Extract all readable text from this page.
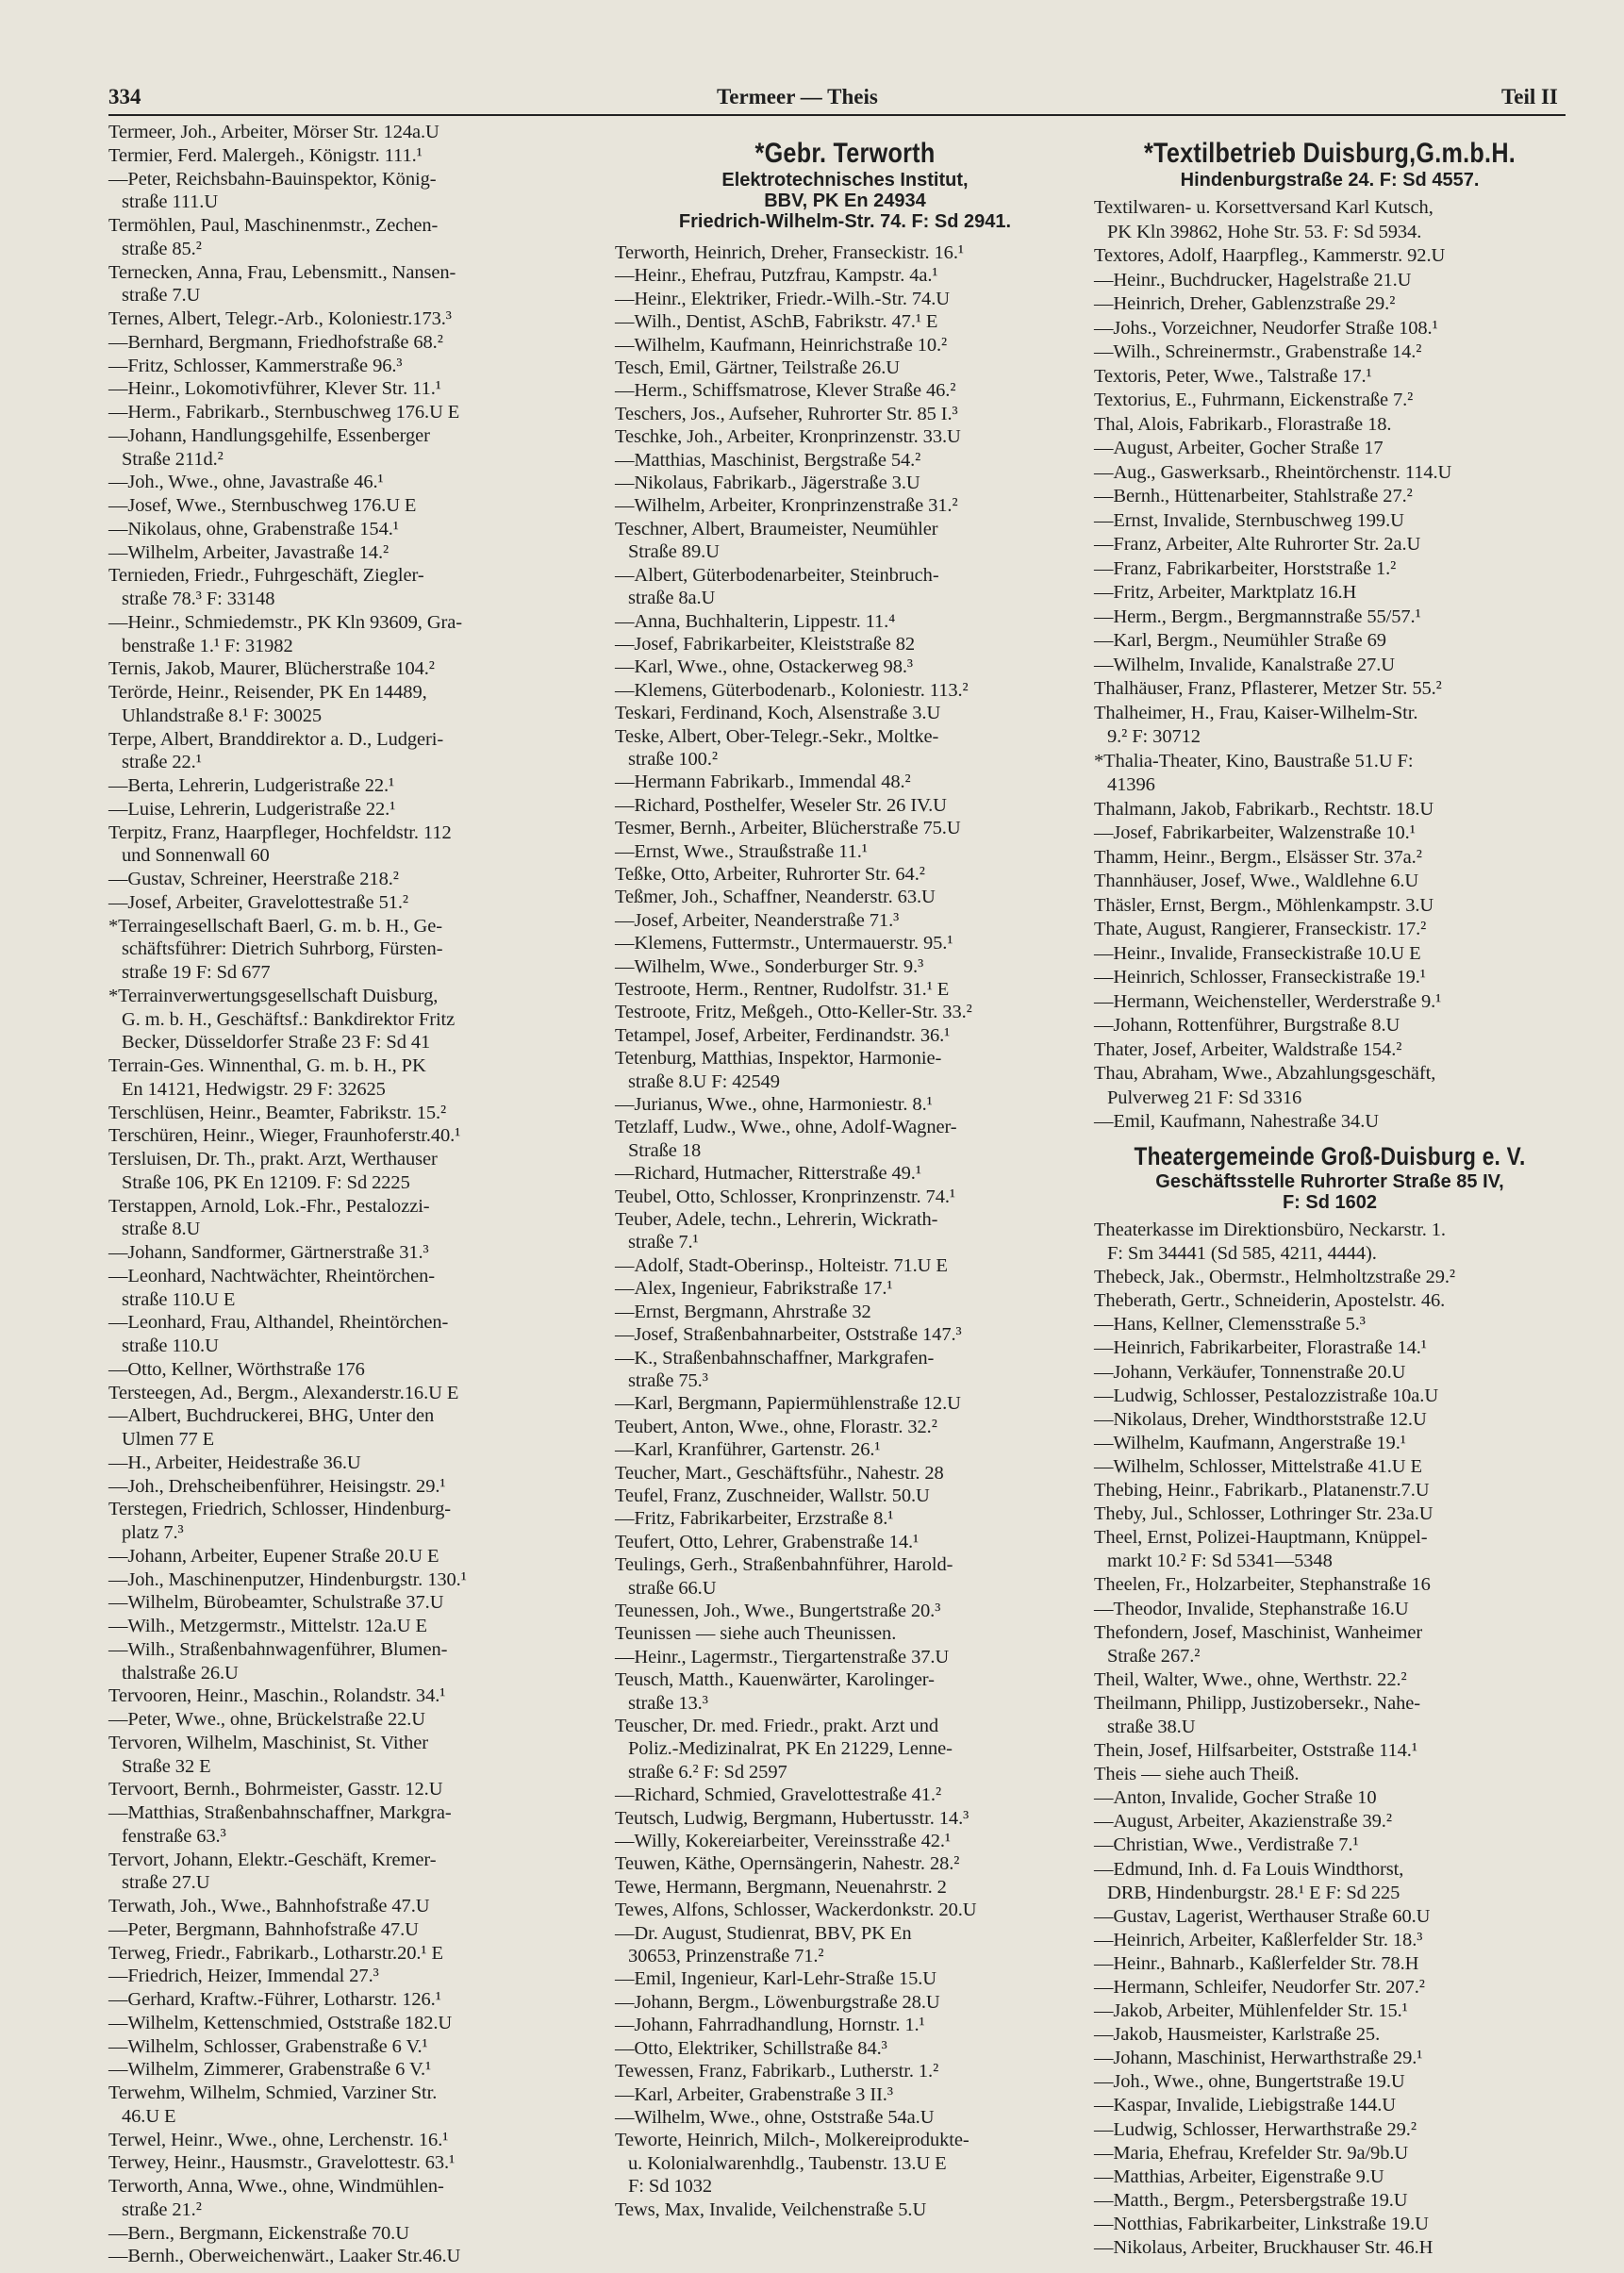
334	Termeer — Theis	Teil II
Termeer, Joh., Arbeiter, Mörser Str. 124a.U
Termier, Ferd. Malergeh., Königstr. 111.¹
—Peter, Reichsbahn-Bauinspektor, König-
straße 111.U
Termöhlen, Paul, Maschinenmstr., Zechen-
straße 85.²
Ternecken, Anna, Frau, Lebensmitt., Nansen-
straße 7.U
Ternes, Albert, Telegr.-Arb., Koloniestr.173.³
—Bernhard, Bergmann, Friedhofstraße 68.²
—Fritz, Schlosser, Kammerstraße 96.³
—Heinr., Lokomotivführer, Klever Str. 11.¹
—Herm., Fabrikarb., Sternbuschweg 176.U E
—Johann, Handlungsgehilfe, Essenberger
Straße 211d.²
—Joh., Wwe., ohne, Javastraße 46.¹
—Josef, Wwe., Sternbuschweg 176.U E
—Nikolaus, ohne, Grabenstraße 154.¹
—Wilhelm, Arbeiter, Javastraße 14.²
Ternieden, Friedr., Fuhrgeschäft, Ziegler-
straße 78.³ F: 33148
—Heinr., Schmiedemstr., PK Kln 93609, Gra-
benstraße 1.¹ F: 31982
Ternis, Jakob, Maurer, Blücherstraße 104.²
Terörde, Heinr., Reisender, PK En 14489,
Uhlandstraße 8.¹ F: 30025
Terpe, Albert, Branddirektor a. D., Ludgeri-
straße 22.¹
—Berta, Lehrerin, Ludgeristraße 22.¹
—Luise, Lehrerin, Ludgeristraße 22.¹
Terpitz, Franz, Haarpfleger, Hochfeldstr. 112
und Sonnenwall 60
—Gustav, Schreiner, Heerstraße 218.²
—Josef, Arbeiter, Gravelottestraße 51.²
*Terraingesellschaft Baerl, G. m. b. H., Ge-
schäftsführer: Dietrich Suhrborg, Fürsten-
straße 19 F: Sd 677
*Terrainverwertungsgesellschaft Duisburg,
G. m. b. H., Geschäftsf.: Bankdirektor Fritz
Becker, Düsseldorfer Straße 23 F: Sd 41
Terrain-Ges. Winnenthal, G. m. b. H., PK
En 14121, Hedwigstr. 29 F: 32625
Terschlüsen, Heinr., Beamter, Fabrikstr. 15.²
Terschüren, Heinr., Wieger, Fraunhoferstr.40.¹
Tersluisen, Dr. Th., prakt. Arzt, Werthauser
Straße 106, PK En 12109. F: Sd 2225
Terstappen, Arnold, Lok.-Fhr., Pestalozzi-
straße 8.U
—Johann, Sandformer, Gärtnerstraße 31.³
—Leonhard, Nachtwächter, Rheintörchen-
straße 110.U E
—Leonhard, Frau, Althandel, Rheintörchen-
straße 110.U
—Otto, Kellner, Wörthstraße 176
Tersteegen, Ad., Bergm., Alexanderstr.16.U E
—Albert, Buchdruckerei, BHG, Unter den
Ulmen 77 E
—H., Arbeiter, Heidestraße 36.U
—Joh., Drehscheibenführer, Heisingstr. 29.¹
Terstegen, Friedrich, Schlosser, Hindenburg-
platz 7.³
—Johann, Arbeiter, Eupener Straße 20.U E
—Joh., Maschinenputzer, Hindenburgstr. 130.¹
—Wilhelm, Bürobeamter, Schulstraße 37.U
—Wilh., Metzgermstr., Mittelstr. 12a.U E
—Wilh., Straßenbahnwagenführer, Blumen-
thalstraße 26.U
Tervooren, Heinr., Maschin., Rolandstr. 34.¹
—Peter, Wwe., ohne, Brückelstraße 22.U
Tervoren, Wilhelm, Maschinist, St. Vither
Straße 32 E
Tervoort, Bernh., Bohrmeister, Gasstr. 12.U
—Matthias, Straßenbahnschaffner, Markgra-
fenstraße 63.³
Tervort, Johann, Elektr.-Geschäft, Kremer-
straße 27.U
Terwath, Joh., Wwe., Bahnhofstraße 47.U
—Peter, Bergmann, Bahnhofstraße 47.U
Terweg, Friedr., Fabrikarb., Lotharstr.20.¹ E
—Friedrich, Heizer, Immendal 27.³
—Gerhard, Kraftw.-Führer, Lotharstr. 126.¹
—Wilhelm, Kettenschmied, Oststraße 182.U
—Wilhelm, Schlosser, Grabenstraße 6 V.¹
—Wilhelm, Zimmerer, Grabenstraße 6 V.¹
Terwehm, Wilhelm, Schmied, Varziner Str.
46.U E
Terwel, Heinr., Wwe., ohne, Lerchenstr. 16.¹
Terwey, Heinr., Hausmstr., Gravelottestr. 63.¹
Terworth, Anna, Wwe., ohne, Windmühlen-
straße 21.²
—Bern., Bergmann, Eickenstraße 70.U
—Bernh., Oberweichenwärt., Laaker Str.46.U
*Gebr. Terworth
Elektrotechnisches Institut,
BBV, PK En 24934
Friedrich-Wilhelm-Str. 74. F: Sd 2941.
Terworth, Heinrich, Dreher, Franseckistr. 16.¹
—Heinr., Ehefrau, Putzfrau, Kampstr. 4a.¹
—Heinr., Elektriker, Friedr.-Wilh.-Str. 74.U
—Wilh., Dentist, ASchB, Fabrikstr. 47.¹ E
—Wilhelm, Kaufmann, Heinrichstraße 10.²
Tesch, Emil, Gärtner, Teilstraße 26.U
—Herm., Schiffsmatrose, Klever Straße 46.²
Teschers, Jos., Aufseher, Ruhrorter Str. 85 I.³
Teschke, Joh., Arbeiter, Kronprinzenstr. 33.U
—Matthias, Maschinist, Bergstraße 54.²
—Nikolaus, Fabrikarb., Jägerstraße 3.U
—Wilhelm, Arbeiter, Kronprinzenstraße 31.²
Teschner, Albert, Braumeister, Neumühler
Straße 89.U
—Albert, Güterbodenarbeiter, Steinbruch-
straße 8a.U
—Anna, Buchhalterin, Lippestr. 11.⁴
—Josef, Fabrikarbeiter, Kleiststraße 82
—Karl, Wwe., ohne, Ostackerweg 98.³
—Klemens, Güterbodenarb., Koloniestr. 113.²
Teskari, Ferdinand, Koch, Alsenstraße 3.U
Teske, Albert, Ober-Telegr.-Sekr., Moltke-
straße 100.²
—Hermann Fabrikarb., Immendal 48.²
—Richard, Posthelfer, Weseler Str. 26 IV.U
Tesmer, Bernh., Arbeiter, Blücherstraße 75.U
—Ernst, Wwe., Straußstraße 11.¹
Teßke, Otto, Arbeiter, Ruhrorter Str. 64.²
Teßmer, Joh., Schaffner, Neanderstr. 63.U
—Josef, Arbeiter, Neanderstraße 71.³
—Klemens, Futtermstr., Untermauerstr. 95.¹
—Wilhelm, Wwe., Sonderburger Str. 9.³
Testroote, Herm., Rentner, Rudolfstr. 31.¹ E
Testroote, Fritz, Meßgeh., Otto-Keller-Str. 33.²
Tetampel, Josef, Arbeiter, Ferdinandstr. 36.¹
Tetenburg, Matthias, Inspektor, Harmonie-
straße 8.U F: 42549
—Jurianus, Wwe., ohne, Harmoniestr. 8.¹
Tetzlaff, Ludw., Wwe., ohne, Adolf-Wagner-
Straße 18
—Richard, Hutmacher, Ritterstraße 49.¹
Teubel, Otto, Schlosser, Kronprinzenstr. 74.¹
Teuber, Adele, techn., Lehrerin, Wickrath-
straße 7.¹
—Adolf, Stadt-Oberinsp., Holteistr. 71.U E
—Alex, Ingenieur, Fabrikstraße 17.¹
—Ernst, Bergmann, Ahrstraße 32
—Josef, Straßenbahnarbeiter, Oststraße 147.³
—K., Straßenbahnschaffner, Markgrafen-
straße 75.³
—Karl, Bergmann, Papiermühlenstraße 12.U
Teubert, Anton, Wwe., ohne, Florastr. 32.²
—Karl, Kranführer, Gartenstr. 26.¹
Teucher, Mart., Geschäftsführ., Nahestr. 28
Teufel, Franz, Zuschneider, Wallstr. 50.U
—Fritz, Fabrikarbeiter, Erzstraße 8.¹
Teufert, Otto, Lehrer, Grabenstraße 14.¹
Teulings, Gerh., Straßenbahnführer, Harold-
straße 66.U
Teunessen, Joh., Wwe., Bungertstraße 20.³
Teunissen — siehe auch Theunissen.
—Heinr., Lagermstr., Tiergartenstraße 37.U
Teusch, Matth., Kauenwärter, Karolinger-
straße 13.³
Teuscher, Dr. med. Friedr., prakt. Arzt und
Poliz.-Medizinalrat, PK En 21229, Lenne-
straße 6.² F: Sd 2597
—Richard, Schmied, Gravelottestraße 41.²
Teutsch, Ludwig, Bergmann, Hubertusstr. 14.³
—Willy, Kokereiarbeiter, Vereinsstraße 42.¹
Teuwen, Käthe, Opernsängerin, Nahestr. 28.²
Tewe, Hermann, Bergmann, Neuenahrstr. 2
Tewes, Alfons, Schlosser, Wackerdonkstr. 20.U
—Dr. August, Studienrat, BBV, PK En
30653, Prinzenstraße 71.²
—Emil, Ingenieur, Karl-Lehr-Straße 15.U
—Johann, Bergm., Löwenburgstraße 28.U
—Johann, Fahrradhandlung, Hornstr. 1.¹
—Otto, Elektriker, Schillstraße 84.³
Tewessen, Franz, Fabrikarb., Lutherstr. 1.²
—Karl, Arbeiter, Grabenstraße 3 II.³
—Wilhelm, Wwe., ohne, Oststraße 54a.U
Teworte, Heinrich, Milch-, Molkereiprodukte-
u. Kolonialwarenhdlg., Taubenstr. 13.U E
F: Sd 1032
Tews, Max, Invalide, Veilchenstraße 5.U
*Textilbetrieb Duisburg,G.m.b.H.
Hindenburgstraße 24. F: Sd 4557.
Textilwaren- u. Korsettversand Karl Kutsch,
PK Kln 39862, Hohe Str. 53. F: Sd 5934.
Textores, Adolf, Haarpfleg., Kammerstr. 92.U
—Heinr., Buchdrucker, Hagelstraße 21.U
—Heinrich, Dreher, Gablenzstraße 29.²
—Johs., Vorzeichner, Neudorfer Straße 108.¹
—Wilh., Schreinermstr., Grabenstraße 14.²
Textoris, Peter, Wwe., Talstraße 17.¹
Textorius, E., Fuhrmann, Eickenstraße 7.²
Thal, Alois, Fabrikarb., Florastraße 18.
—August, Arbeiter, Gocher Straße 17
—Aug., Gaswerksarb., Rheintörchenstr. 114.U
—Bernh., Hüttenarbeiter, Stahlstraße 27.²
—Ernst, Invalide, Sternbuschweg 199.U
—Franz, Arbeiter, Alte Ruhrorter Str. 2a.U
—Franz, Fabrikarbeiter, Horststraße 1.²
—Fritz, Arbeiter, Marktplatz 16.H
—Herm., Bergm., Bergmannstraße 55/57.¹
—Karl, Bergm., Neumühler Straße 69
—Wilhelm, Invalide, Kanalstraße 27.U
Thalhäuser, Franz, Pflasterer, Metzer Str. 55.²
Thalheimer, H., Frau, Kaiser-Wilhelm-Str.
9.² F: 30712
*Thalia-Theater, Kino, Baustraße 51.U F:
41396
Thalmann, Jakob, Fabrikarb., Rechtstr. 18.U
—Josef, Fabrikarbeiter, Walzenstraße 10.¹
Thamm, Heinr., Bergm., Elsässer Str. 37a.²
Thannhäuser, Josef, Wwe., Waldlehne 6.U
Thäsler, Ernst, Bergm., Möhlenkampstr. 3.U
Thate, August, Rangierer, Franseckistr. 17.²
—Heinr., Invalide, Franseckistraße 10.U E
—Heinrich, Schlosser, Franseckistraße 19.¹
—Hermann, Weichensteller, Werderstraße 9.¹
—Johann, Rottenführer, Burgstraße 8.U
Thater, Josef, Arbeiter, Waldstraße 154.²
Thau, Abraham, Wwe., Abzahlungsgeschäft,
Pulverweg 21 F: Sd 3316
—Emil, Kaufmann, Nahestraße 34.U
Theatergemeinde Groß-Duisburg e. V.
Geschäftsstelle Ruhrorter Straße 85 IV,
F: Sd 1602
Theaterkasse im Direktionsbüro, Neckarstr. 1.
F: Sm 34441 (Sd 585, 4211, 4444).
Thebeck, Jak., Obermstr., Helmholtzstraße 29.²
Theberath, Gertr., Schneiderin, Apostelstr. 46.
—Hans, Kellner, Clemensstraße 5.³
—Heinrich, Fabrikarbeiter, Florastraße 14.¹
—Johann, Verkäufer, Tonnenstraße 20.U
—Ludwig, Schlosser, Pestalozzistraße 10a.U
—Nikolaus, Dreher, Windthorststraße 12.U
—Wilhelm, Kaufmann, Angerstraße 19.¹
—Wilhelm, Schlosser, Mittelstraße 41.U E
Thebing, Heinr., Fabrikarb., Platanenstr.7.U
Theby, Jul., Schlosser, Lothringer Str. 23a.U
Theel, Ernst, Polizei-Hauptmann, Knüppel-
markt 10.² F: Sd 5341—5348
Theelen, Fr., Holzarbeiter, Stephanstraße 16
—Theodor, Invalide, Stephanstraße 16.U
Thefondern, Josef, Maschinist, Wanheimer
Straße 267.²
Theil, Walter, Wwe., ohne, Werthstr. 22.²
Theilmann, Philipp, Justizobersekr., Nahe-
straße 38.U
Thein, Josef, Hilfsarbeiter, Oststraße 114.¹
Theis — siehe auch Theiß.
—Anton, Invalide, Gocher Straße 10
—August, Arbeiter, Akazienstraße 39.²
—Christian, Wwe., Verdistraße 7.¹
—Edmund, Inh. d. Fa Louis Windthorst,
DRB, Hindenburgstr. 28.¹ E F: Sd 225
—Gustav, Lagerist, Werthauser Straße 60.U
—Heinrich, Arbeiter, Kaßlerfelder Str. 18.³
—Heinr., Bahnarb., Kaßlerfelder Str. 78.H
—Hermann, Schleifer, Neudorfer Str. 207.²
—Jakob, Arbeiter, Mühlenfelder Str. 15.¹
—Jakob, Hausmeister, Karlstraße 25.
—Johann, Maschinist, Herwarthstraße 29.¹
—Joh., Wwe., ohne, Bungertstraße 19.U
—Kaspar, Invalide, Liebigstraße 144.U
—Ludwig, Schlosser, Herwarthstraße 29.²
—Maria, Ehefrau, Krefelder Str. 9a/9b.U
—Matthias, Arbeiter, Eigenstraße 9.U
—Matth., Bergm., Petersbergstraße 19.U
—Notthias, Fabrikarbeiter, Linkstraße 19.U
—Nikolaus, Arbeiter, Bruckhauser Str. 46.H
